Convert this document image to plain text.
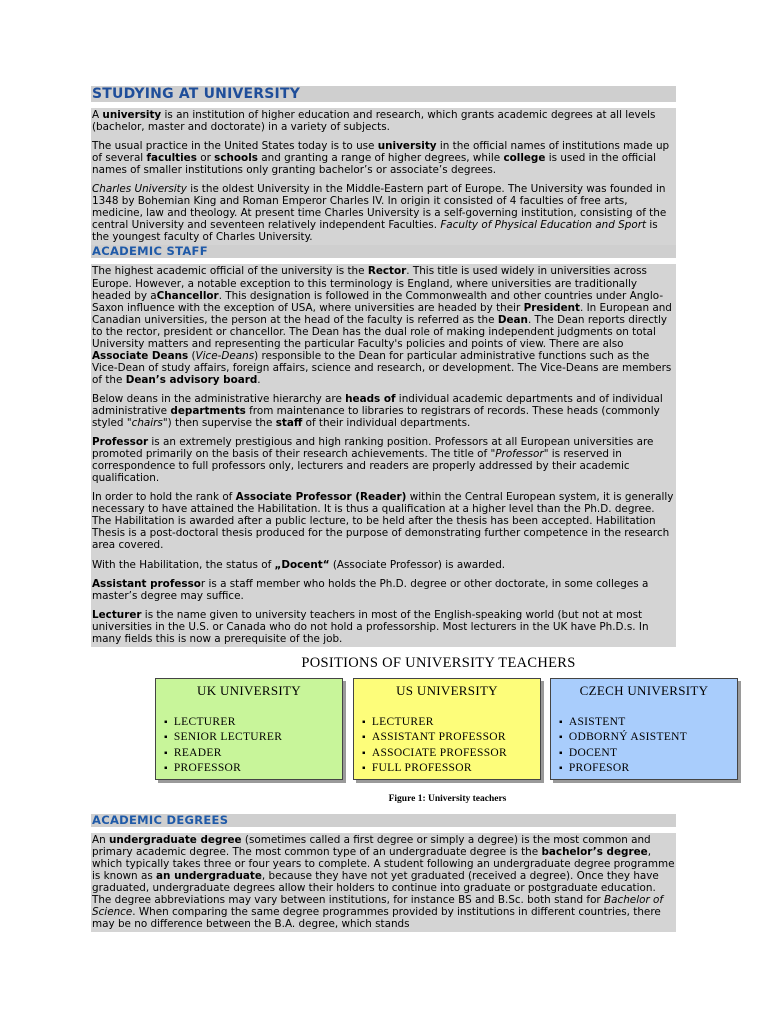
STUDYING AT UNIVERSITY

A university is an institution of higher education and research, which grants academic degrees at all levels (bachelor, master and doctorate) in a variety of subjects.

The usual practice in the United States today is to use university in the official names of institutions made up of several faculties or schools and granting a range of higher degrees, while college is used in the official names of smaller institutions only granting bachelor’s or associate’s degrees.

Charles University is the oldest University in the Middle-Eastern part of Europe. The University was founded in 1348 by Bohemian King and Roman Emperor Charles IV. In origin it consisted of 4 faculties of free arts, medicine, law and theology. At present time Charles University is a self-governing institution, consisting of the central University and seventeen relatively independent Faculties. Faculty of Physical Education and Sport is the youngest faculty of Charles University.

ACADEMIC STAFF

The highest academic official of the university is the Rector. This title is used widely in universities across Europe. However, a notable exception to this terminology is England, where universities are traditionally headed by aChancellor. This designation is followed in the Commonwealth and other countries under Anglo-Saxon influence with the exception of USA, where universities are headed by their President. In European and Canadian universities, the person at the head of the faculty is referred as the Dean. The Dean reports directly to the rector, president or chancellor. The Dean has the dual role of making independent judgments on total University matters and representing the particular Faculty's policies and points of view. There are also Associate Deans (Vice-Deans) responsible to the Dean for particular administrative functions such as the Vice-Dean of study affairs, foreign affairs, science and research, or development. The Vice-Deans are members of the Dean’s advisory board.

Below deans in the administrative hierarchy are heads of individual academic departments and of individual administrative departments from maintenance to libraries to registrars of records. These heads (commonly styled "chairs") then supervise the staff of their individual departments.

Professor is an extremely prestigious and high ranking position. Professors at all European universities are promoted primarily on the basis of their research achievements. The title of "Professor" is reserved in correspondence to full professors only, lecturers and readers are properly addressed by their academic qualification.

In order to hold the rank of Associate Professor (Reader) within the Central European system, it is generally necessary to have attained the Habilitation. It is thus a qualification at a higher level than the Ph.D. degree. The Habilitation is awarded after a public lecture, to be held after the thesis has been accepted. Habilitation Thesis is a post-doctoral thesis produced for the purpose of demonstrating further competence in the research area covered.

With the Habilitation, the status of „Docent“ (Associate Professor) is awarded.

Assistant professor is a staff member who holds the Ph.D. degree or other doctorate, in some colleges a master’s degree may suffice.

Lecturer is the name given to university teachers in most of the English-speaking world (but not at most universities in the U.S. or Canada who do not hold a professorship. Most lecturers in the UK have Ph.D.s. In many fields this is now a prerequisite of the job.

POSITIONS OF UNIVERSITY TEACHERS
UK UNIVERSITY
▪ LECTURER
▪ SENIOR LECTURER
▪ READER
▪ PROFESSOR
US UNIVERSITY
▪ LECTURER
▪ ASSISTANT PROFESSOR
▪ ASSOCIATE PROFESSOR
▪ FULL PROFESSOR
CZECH UNIVERSITY
▪ ASISTENT
▪ ODBORNÝ ASISTENT
▪ DOCENT
▪ PROFESOR
Figure 1: University teachers
ACADEMIC DEGREES

An undergraduate degree (sometimes called a first degree or simply a degree) is the most common and primary academic degree. The most common type of an undergraduate degree is the bachelor’s degree, which typically takes three or four years to complete. A student following an undergraduate degree programme is known as an undergraduate, because they have not yet graduated (received a degree). Once they have graduated, undergraduate degrees allow their holders to continue into graduate or postgraduate education. The degree abbreviations may vary between institutions, for instance BS and B.Sc. both stand for Bachelor of Science. When comparing the same degree programmes provided by institutions in different countries, there may be no difference between the B.A. degree, which stands
